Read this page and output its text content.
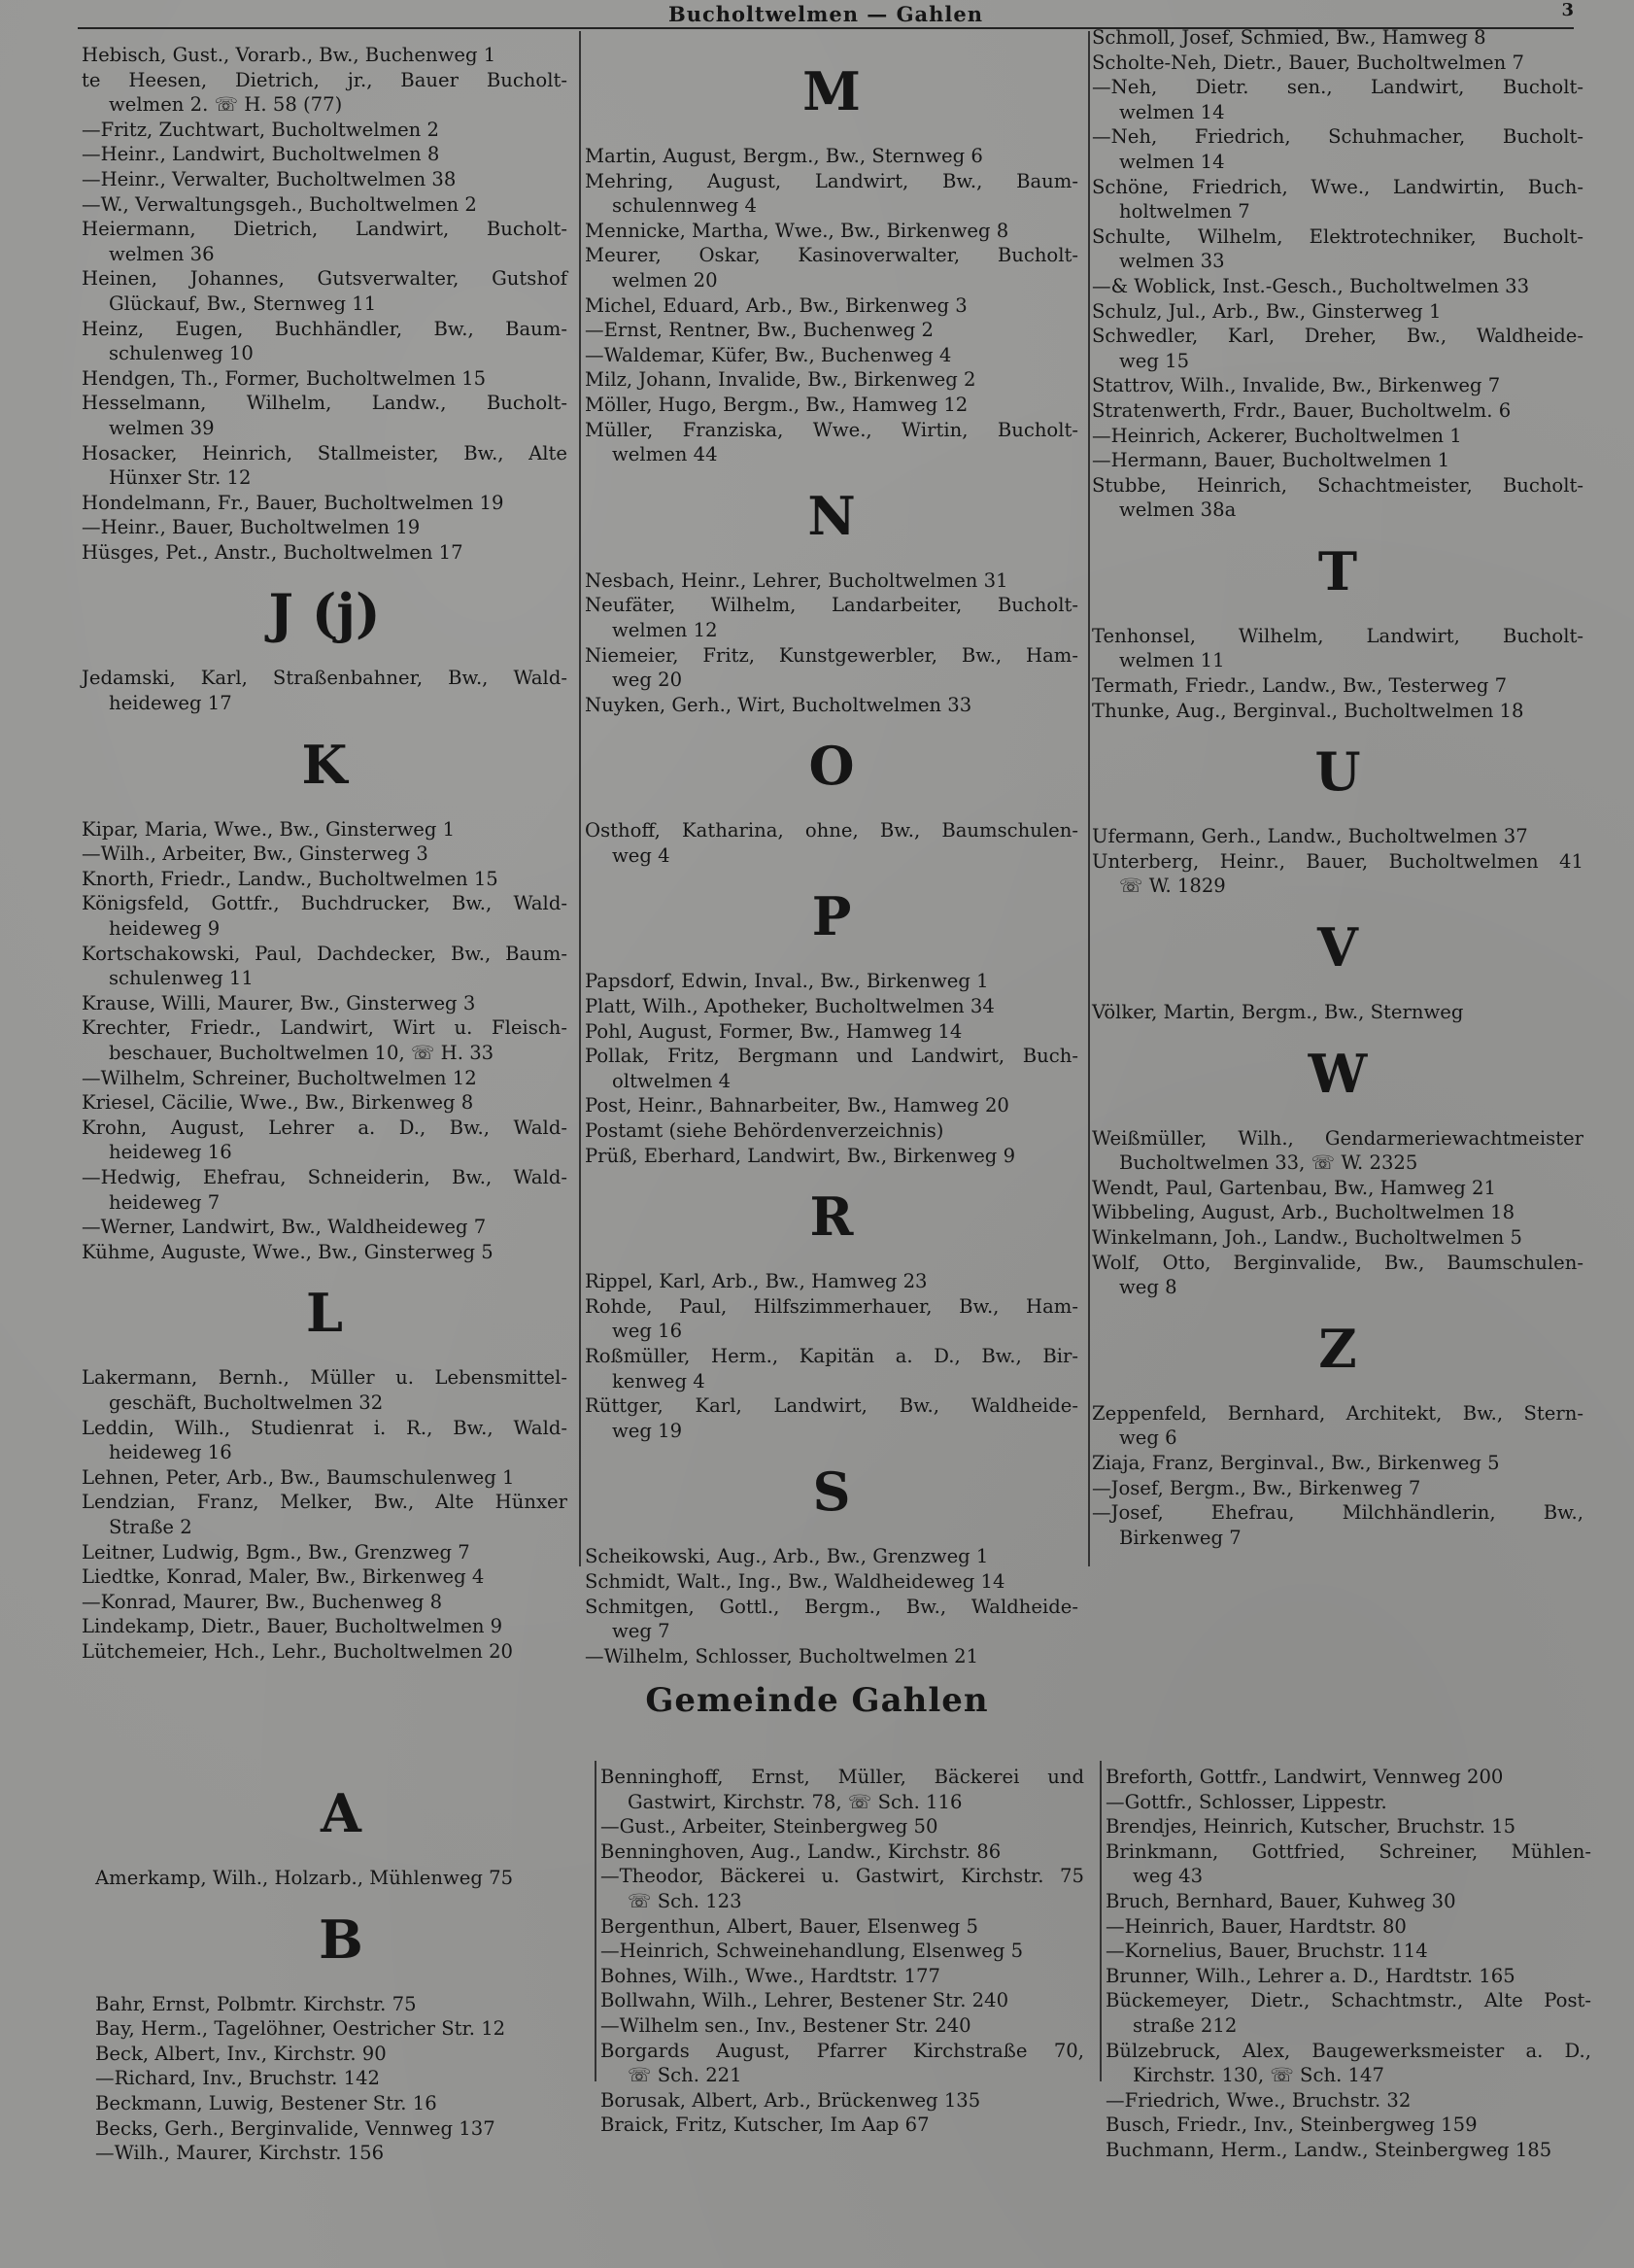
Bucholtwelmen — Gahlen	3
Hebisch, Gust., Vorarb., Bw., Buchenweg 1
te Heesen, Dietrich, jr., Bauer Bucholt-
welmen 2. ☏ H. 58 (77)
—Fritz, Zuchtwart, Bucholtwelmen 2
—Heinr., Landwirt, Bucholtwelmen 8
—Heinr., Verwalter, Bucholtwelmen 38
—W., Verwaltungsgeh., Bucholtwelmen 2
Heiermann, Dietrich, Landwirt, Bucholt-
welmen 36
Heinen, Johannes, Gutsverwalter, Gutshof
Glückauf, Bw., Sternweg 11
Heinz, Eugen, Buchhändler, Bw., Baum-
schulenweg 10
Hendgen, Th., Former, Bucholtwelmen 15
Hesselmann, Wilhelm, Landw., Bucholt-
welmen 39
Hosacker, Heinrich, Stallmeister, Bw., Alte
Hünxer Str. 12
Hondelmann, Fr., Bauer, Bucholtwelmen 19
—Heinr., Bauer, Bucholtwelmen 19
Hüsges, Pet., Anstr., Bucholtwelmen 17
J (j)
Jedamski, Karl, Straßenbahner, Bw., Wald-
heideweg 17
K
Kipar, Maria, Wwe., Bw., Ginsterweg 1
—Wilh., Arbeiter, Bw., Ginsterweg 3
Knorth, Friedr., Landw., Bucholtwelmen 15
Königsfeld, Gottfr., Buchdrucker, Bw., Wald-
heideweg 9
Kortschakowski, Paul, Dachdecker, Bw., Baum-
schulenweg 11
Krause, Willi, Maurer, Bw., Ginsterweg 3
Krechter, Friedr., Landwirt, Wirt u. Fleisch-
beschauer, Bucholtwelmen 10, ☏ H. 33
—Wilhelm, Schreiner, Bucholtwelmen 12
Kriesel, Cäcilie, Wwe., Bw., Birkenweg 8
Krohn, August, Lehrer a. D., Bw., Wald-
heideweg 16
—Hedwig, Ehefrau, Schneiderin, Bw., Wald-
heideweg 7
—Werner, Landwirt, Bw., Waldheideweg 7
Kühme, Auguste, Wwe., Bw., Ginsterweg 5
L
Lakermann, Bernh., Müller u. Lebensmittel-
geschäft, Bucholtwelmen 32
Leddin, Wilh., Studienrat i. R., Bw., Wald-
heideweg 16
Lehnen, Peter, Arb., Bw., Baumschulenweg 1
Lendzian, Franz, Melker, Bw., Alte Hünxer
Straße 2
Leitner, Ludwig, Bgm., Bw., Grenzweg 7
Liedtke, Konrad, Maler, Bw., Birkenweg 4
—Konrad, Maurer, Bw., Buchenweg 8
Lindekamp, Dietr., Bauer, Bucholtwelmen 9
Lütchemeier, Hch., Lehr., Bucholtwelmen 20
M
Martin, August, Bergm., Bw., Sternweg 6
Mehring, August, Landwirt, Bw., Baum-
schulennweg 4
Mennicke, Martha, Wwe., Bw., Birkenweg 8
Meurer, Oskar, Kasinoverwalter, Bucholt-
welmen 20
Michel, Eduard, Arb., Bw., Birkenweg 3
—Ernst, Rentner, Bw., Buchenweg 2
—Waldemar, Küfer, Bw., Buchenweg 4
Milz, Johann, Invalide, Bw., Birkenweg 2
Möller, Hugo, Bergm., Bw., Hamweg 12
Müller, Franziska, Wwe., Wirtin, Bucholt-
welmen 44
N
Nesbach, Heinr., Lehrer, Bucholtwelmen 31
Neufäter, Wilhelm, Landarbeiter, Bucholt-
welmen 12
Niemeier, Fritz, Kunstgewerbler, Bw., Ham-
weg 20
Nuyken, Gerh., Wirt, Bucholtwelmen 33
O
Osthoff, Katharina, ohne, Bw., Baumschulen-
weg 4
P
Papsdorf, Edwin, Inval., Bw., Birkenweg 1
Platt, Wilh., Apotheker, Bucholtwelmen 34
Pohl, August, Former, Bw., Hamweg 14
Pollak, Fritz, Bergmann und Landwirt, Buch-
oltwelmen 4
Post, Heinr., Bahnarbeiter, Bw., Hamweg 20
Postamt (siehe Behördenverzeichnis)
Prüß, Eberhard, Landwirt, Bw., Birkenweg 9
R
Rippel, Karl, Arb., Bw., Hamweg 23
Rohde, Paul, Hilfszimmerhauer, Bw., Ham-
weg 16
Roßmüller, Herm., Kapitän a. D., Bw., Bir-
kenweg 4
Rüttger, Karl, Landwirt, Bw., Waldheide-
weg 19
S
Scheikowski, Aug., Arb., Bw., Grenzweg 1
Schmidt, Walt., Ing., Bw., Waldheideweg 14
Schmitgen, Gottl., Bergm., Bw., Waldheide-
weg 7
—Wilhelm, Schlosser, Bucholtwelmen 21
Schmoll, Josef, Schmied, Bw., Hamweg 8
Scholte-Neh, Dietr., Bauer, Bucholtwelmen 7
—Neh, Dietr. sen., Landwirt, Bucholt-
welmen 14
—Neh, Friedrich, Schuhmacher, Bucholt-
welmen 14
Schöne, Friedrich, Wwe., Landwirtin, Buch-
holtwelmen 7
Schulte, Wilhelm, Elektrotechniker, Bucholt-
welmen 33
—& Woblick, Inst.-Gesch., Bucholtwelmen 33
Schulz, Jul., Arb., Bw., Ginsterweg 1
Schwedler, Karl, Dreher, Bw., Waldheide-
weg 15
Stattrov, Wilh., Invalide, Bw., Birkenweg 7
Stratenwerth, Frdr., Bauer, Bucholtwelm. 6
—Heinrich, Ackerer, Bucholtwelmen 1
—Hermann, Bauer, Bucholtwelmen 1
Stubbe, Heinrich, Schachtmeister, Bucholt-
welmen 38a
T
Tenhonsel, Wilhelm, Landwirt, Bucholt-
welmen 11
Termath, Friedr., Landw., Bw., Testerweg 7
Thunke, Aug., Berginval., Bucholtwelmen 18
U
Ufermann, Gerh., Landw., Bucholtwelmen 37
Unterberg, Heinr., Bauer, Bucholtwelmen 41
☏ W. 1829
V
Völker, Martin, Bergm., Bw., Sternweg
W
Weißmüller, Wilh., Gendarmeriewachtmeister
Bucholtwelmen 33, ☏ W. 2325
Wendt, Paul, Gartenbau, Bw., Hamweg 21
Wibbeling, August, Arb., Bucholtwelmen 18
Winkelmann, Joh., Landw., Bucholtwelmen 5
Wolf, Otto, Berginvalide, Bw., Baumschulen-
weg 8
Z
Zeppenfeld, Bernhard, Architekt, Bw., Stern-
weg 6
Ziaja, Franz, Berginval., Bw., Birkenweg 5
—Josef, Bergm., Bw., Birkenweg 7
—Josef, Ehefrau, Milchhändlerin, Bw.,
Birkenweg 7
Gemeinde Gahlen
A
Amerkamp, Wilh., Holzarb., Mühlenweg 75
B
Bahr, Ernst, Polbmtr. Kirchstr. 75
Bay, Herm., Tagelöhner, Oestricher Str. 12
Beck, Albert, Inv., Kirchstr. 90
—Richard, Inv., Bruchstr. 142
Beckmann, Luwig, Bestener Str. 16
Becks, Gerh., Berginvalide, Vennweg 137
—Wilh., Maurer, Kirchstr. 156
Benninghoff, Ernst, Müller, Bäckerei und
Gastwirt, Kirchstr. 78, ☏ Sch. 116
—Gust., Arbeiter, Steinbergweg 50
Benninghoven, Aug., Landw., Kirchstr. 86
—Theodor, Bäckerei u. Gastwirt, Kirchstr. 75
☏ Sch. 123
Bergenthun, Albert, Bauer, Elsenweg 5
—Heinrich, Schweinehandlung, Elsenweg 5
Bohnes, Wilh., Wwe., Hardtstr. 177
Bollwahn, Wilh., Lehrer, Bestener Str. 240
—Wilhelm sen., Inv., Bestener Str. 240
Borgards August, Pfarrer Kirchstraße 70,
☏ Sch. 221
Borusak, Albert, Arb., Brückenweg 135
Braick, Fritz, Kutscher, Im Aap 67
Breforth, Gottfr., Landwirt, Vennweg 200
—Gottfr., Schlosser, Lippestr.
Brendjes, Heinrich, Kutscher, Bruchstr. 15
Brinkmann, Gottfried, Schreiner, Mühlen-
weg 43
Bruch, Bernhard, Bauer, Kuhweg 30
—Heinrich, Bauer, Hardtstr. 80
—Kornelius, Bauer, Bruchstr. 114
Brunner, Wilh., Lehrer a. D., Hardtstr. 165
Bückemeyer, Dietr., Schachtmstr., Alte Post-
straße 212
Bülzebruck, Alex, Baugewerksmeister a. D.,
Kirchstr. 130, ☏ Sch. 147
—Friedrich, Wwe., Bruchstr. 32
Busch, Friedr., Inv., Steinbergweg 159
Buchmann, Herm., Landw., Steinbergweg 185
